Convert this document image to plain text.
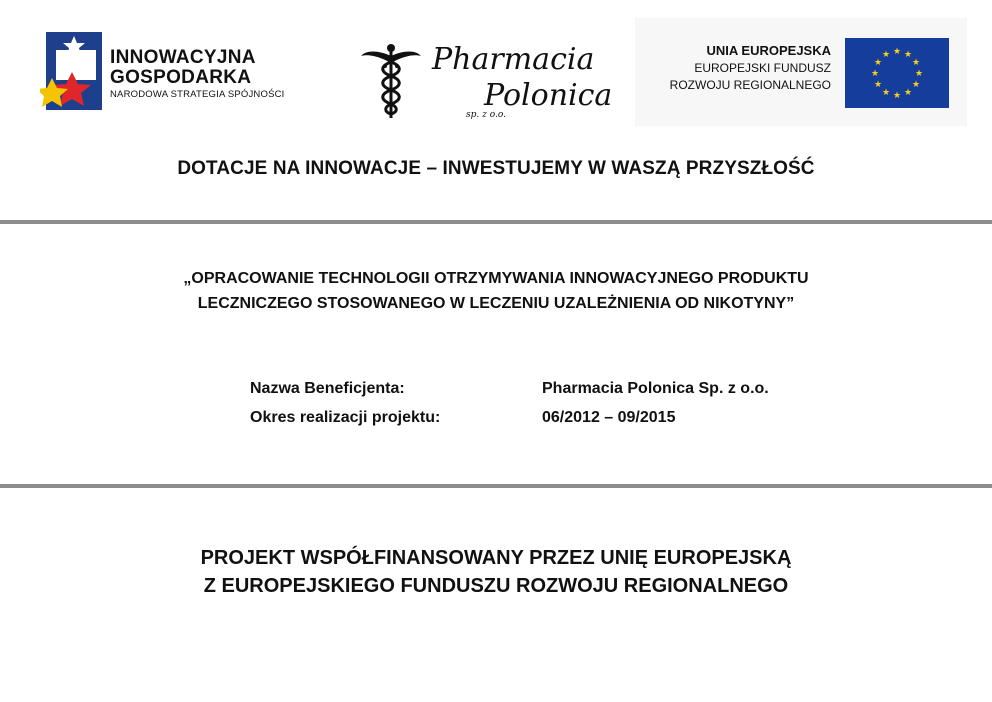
INNOWACYJNA
GOSPODARKA
NARODOWA STRATEGIA SPÓJNOŚCI
Pharmacia
Polonica
sp. z o.o.
UNIA EUROPEJSKA
EUROPEJSKI FUNDUSZ
ROZWOJU REGIONALNEGO
★ ★
★
★
★
★
★
★
★
★
★
★
DOTACJE NA INNOWACJE – INWESTUJEMY W WASZĄ PRZYSZŁOŚĆ
„OPRACOWANIE TECHNOLOGII OTRZYMYWANIA INNOWACYJNEGO PRODUKTU
LECZNICZEGO STOSOWANEGO W LECZENIU UZALEŻNIENIA OD NIKOTYNY”
Nazwa Beneficjenta:	Pharmacia Polonica Sp. z o.o.
Okres realizacji projektu:	06/2012 – 09/2015
PROJEKT WSPÓŁFINANSOWANY PRZEZ UNIĘ EUROPEJSKĄ
Z EUROPEJSKIEGO FUNDUSZU ROZWOJU REGIONALNEGO
